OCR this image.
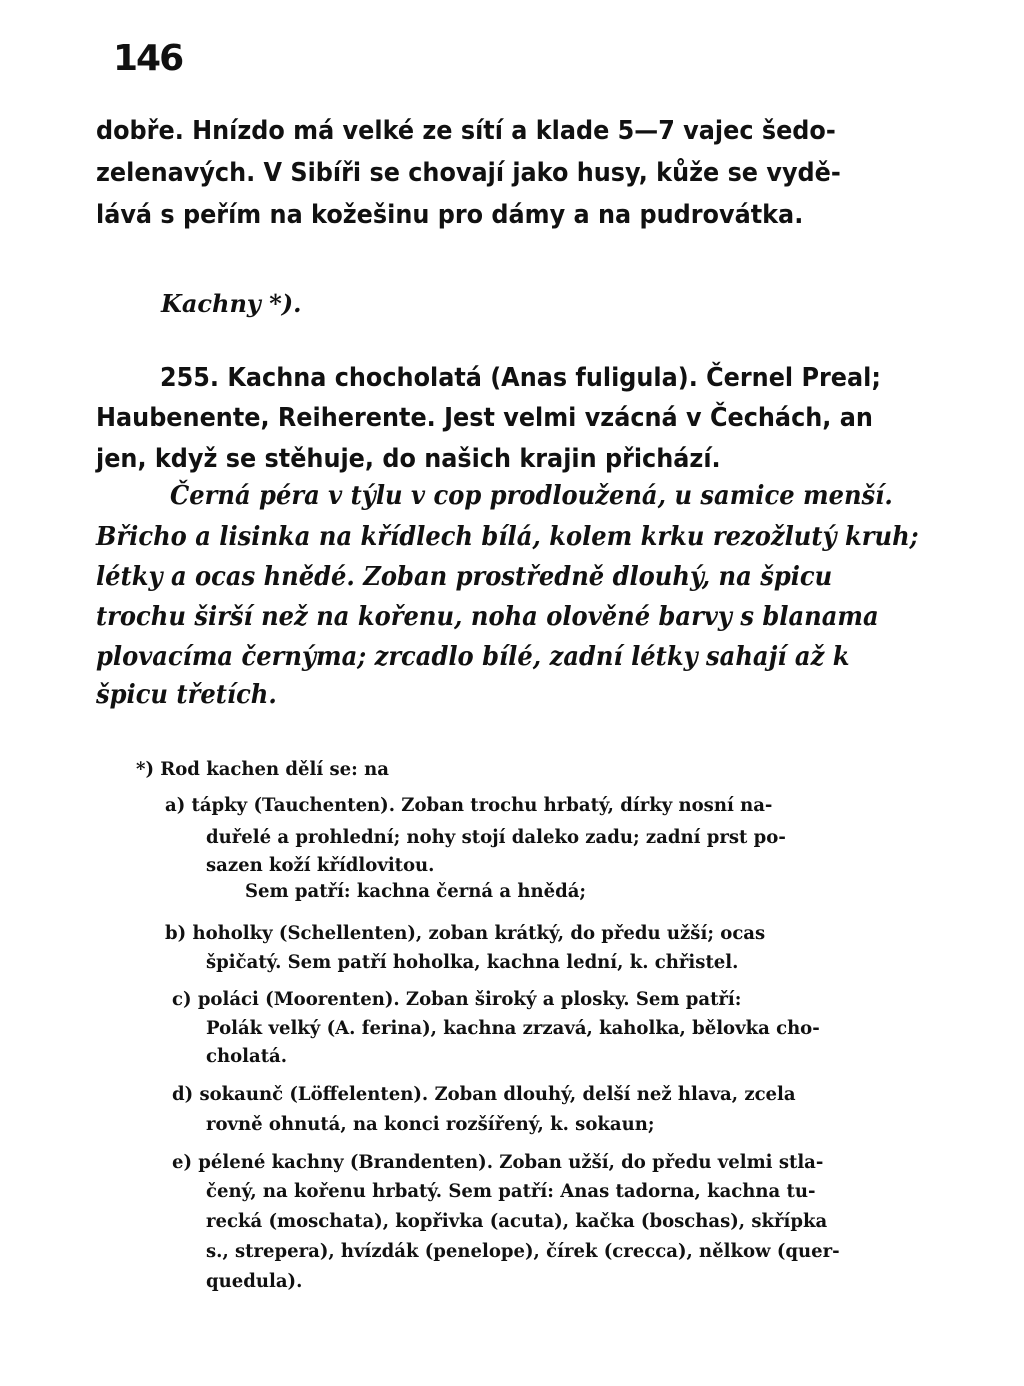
146
dobře. Hnízdo má velké ze sítí a klade 5—7 vajec šedo-
zelenavých. V Sibíři se chovají jako husy, kůže se vydě-
lává s peřím na kožešinu pro dámy a na pudrovátka.
Kachny *).
255. Kachna chocholatá (Anas fuligula). Černel Preal;
Haubenente, Reiherente. Jest velmi vzácná v Čechách, an
jen, když se stěhuje, do našich krajin přichází.
Černá péra v týlu v cop prodloužená, u samice menší.
Břicho a lisinka na křídlech bílá, kolem krku rezožlutý kruh;
létky a ocas hnědé. Zoban prostředně dlouhý, na špicu
trochu širší než na kořenu, noha olověné barvy s blanama
plovacíma černýma; zrcadlo bílé, zadní létky sahají až k
špicu třetích.
*) Rod kachen dělí se: na
a) tápky (Tauchenten). Zoban trochu hrbatý, dírky nosní na-
duřelé a prohlední; nohy stojí daleko zadu; zadní prst po-
sazen koží křídlovitou.
Sem patří: kachna černá a hnědá;
b) hoholky (Schellenten), zoban krátký, do předu užší; ocas
špičatý. Sem patří hoholka, kachna lední, k. chřistel.
c) poláci (Moorenten). Zoban široký a plosky. Sem patří:
Polák velký (A. ferina), kachna zrzavá, kaholka, bělovka cho-
cholatá.
d) sokaunč (Löffelenten). Zoban dlouhý, delší než hlava, zcela
rovně ohnutá, na konci rozšířený, k. sokaun;
e) pélené kachny (Brandenten). Zoban užší, do předu velmi stla-
čený, na kořenu hrbatý. Sem patří: Anas tadorna, kachna tu-
recká (moschata), kopřivka (acuta), kačka (boschas), skřípka
s., strepera), hvízdák (penelope), čírek (crecca), nělkow (quer-
quedula).
